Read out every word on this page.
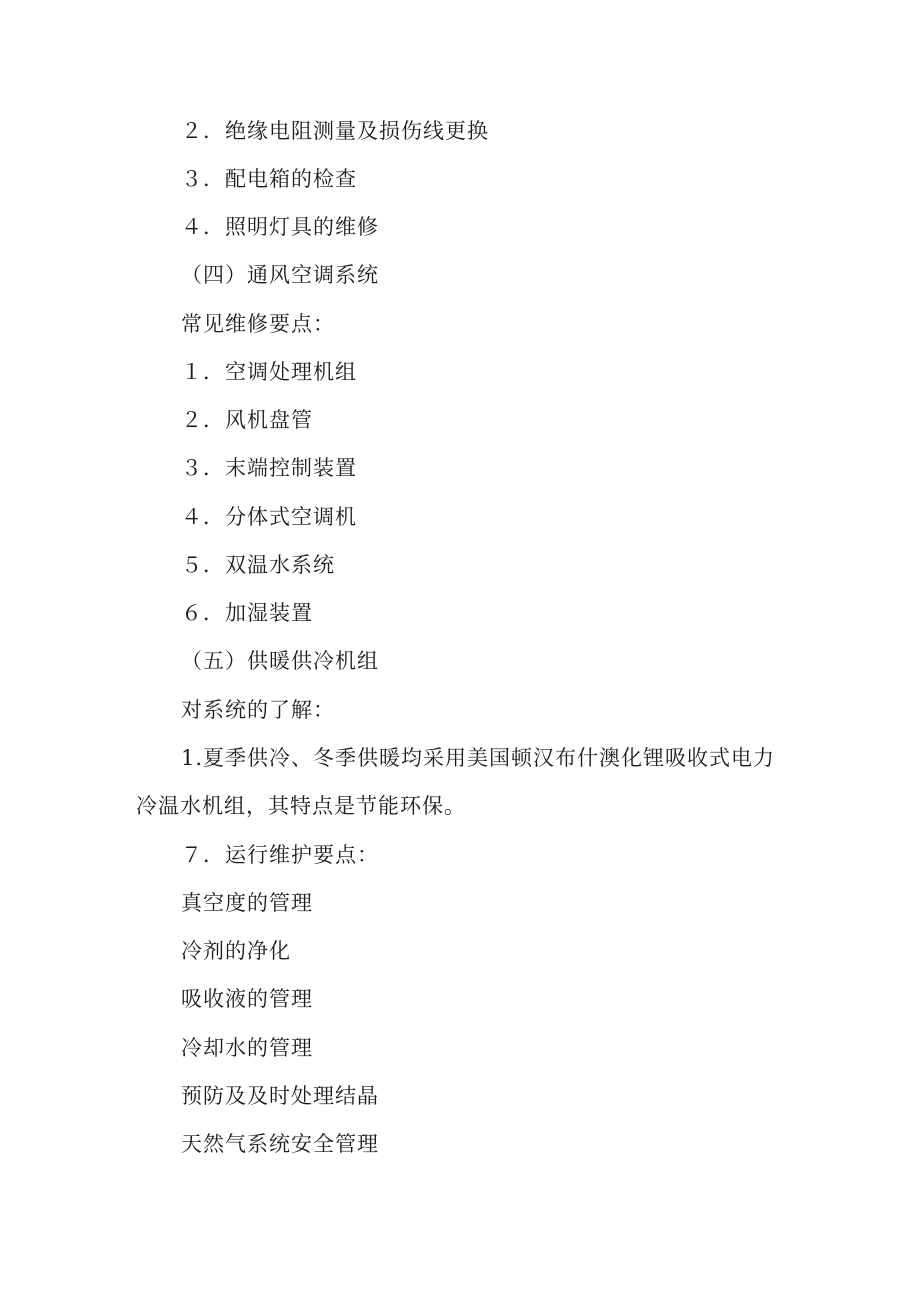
２．绝缘电阻测量及损伤线更换
３．配电箱的检查
４．照明灯具的维修
（四）通风空调系统
常见维修要点：
１．空调处理机组
２．风机盘管
３．末端控制装置
４．分体式空调机
５．双温水系统
６．加湿装置
（五）供暖供冷机组
对系统的了解：
1.夏季供冷、冬季供暖均采用美国顿汉布什澳化锂吸收式电力
冷温水机组，其特点是节能环保。
７．运行维护要点：
真空度的管理
冷剂的净化
吸收液的管理
冷却水的管理
预防及及时处理结晶
天然气系统安全管理
